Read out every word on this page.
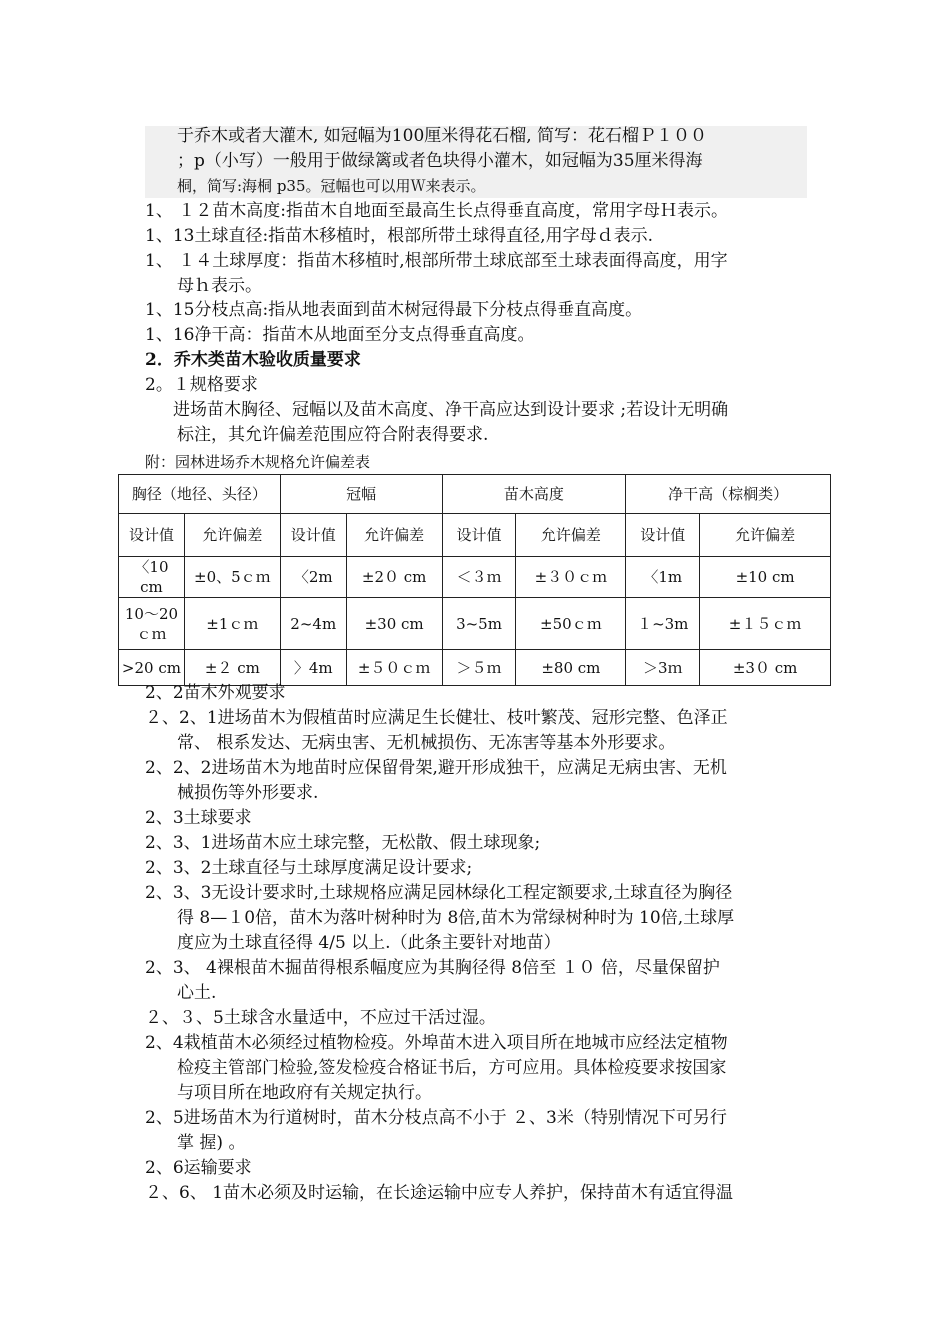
于乔木或者大灌木, 如冠幅为100厘米得花石榴, 简写：花石榴Ｐ１００
；p（小写）一般用于做绿篱或者色块得小灌木，如冠幅为35厘米得海
桐，简写:海桐 p35。冠幅也可以用Ｗ来表示。
1、 １２苗木高度:指苗木自地面至最高生长点得垂直高度，常用字母Ｈ表示。
1、13土球直径:指苗木移植时，根部所带土球得直径,用字母ｄ表示.
1、 １４土球厚度：指苗木移植时,根部所带土球底部至土球表面得高度，用字
母ｈ表示。
1、15分枝点高:指从地表面到苗木树冠得最下分枝点得垂直高度。
1、16净干高：指苗木从地面至分支点得垂直高度。
2．乔木类苗木验收质量要求
2。１规格要求
进场苗木胸径、冠幅以及苗木高度、净干高应达到设计要求 ;若设计无明确
标注，其允许偏差范围应符合附表得要求.
附：园林进场乔木规格允许偏差表
胸径（地径、头径）		冠幅		苗木高度		净干高（棕榈类）	
设计值	允许偏差	设计值	允许偏差	设计值	允许偏差	设计值	允许偏差
〈10 cm	±0、5ｃｍ	〈2m	±2０ cm	＜３ｍ	±３０ｃｍ	〈1m	±10 cm
10～20ｃｍ	±1ｃｍ	2~4m	±30 cm	3~5m	±50ｃｍ	１~3m	±１５ｃｍ
>20 cm	±２ cm	〉4m	±５０ｃｍ	＞５ｍ	±80 cm	＞3ｍ	±3０ cm
2、2苗木外观要求
２、2、1进场苗木为假植苗时应满足生长健壮、枝叶繁茂、冠形完整、色泽正
常、 根系发达、无病虫害、无机械损伤、无冻害等基本外形要求。
2、2、2进场苗木为地苗时应保留骨架,避开形成独干，应满足无病虫害、无机
械损伤等外形要求.
2、3土球要求
2、3、1进场苗木应土球完整，无松散、假土球现象;
2、3、2土球直径与土球厚度满足设计要求;
2、3、3无设计要求时,土球规格应满足园林绿化工程定额要求,土球直径为胸径
得 8—１0倍，苗木为落叶树种时为 8倍,苗木为常绿树种时为 10倍,土球厚
度应为土球直径得 4/5 以上.（此条主要针对地苗）
2、3、 4裸根苗木掘苗得根系幅度应为其胸径得 8倍至 １０ 倍，尽量保留护
心土.
２、３、5土球含水量适中，不应过干活过湿。
2、4栽植苗木必须经过植物检疫。外埠苗木进入项目所在地城市应经法定植物
检疫主管部门检验,签发检疫合格证书后，方可应用。具体检疫要求按国家
与项目所在地政府有关规定执行。
2、5进场苗木为行道树时，苗木分枝点高不小于 ２、3米（特别情况下可另行
掌 握) 。
2、6运输要求
２、6、 1苗木必须及时运输，在长途运输中应专人养护，保持苗木有适宜得温
